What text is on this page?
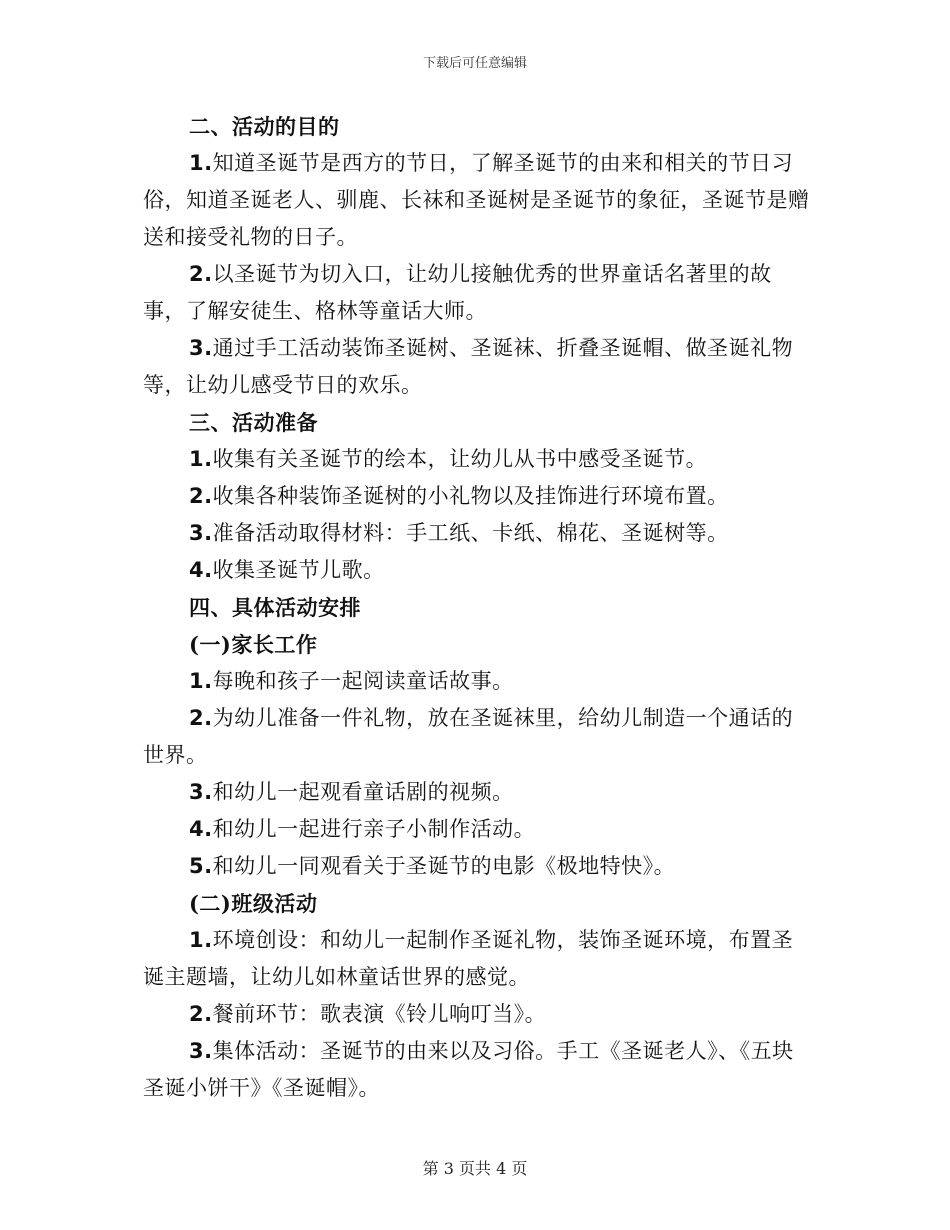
下载后可任意编辑

二、活动的目的

1.知道圣诞节是西方的节日，了解圣诞节的由来和相关的节日习俗，知道圣诞老人、驯鹿、长袜和圣诞树是圣诞节的象征，圣诞节是赠送和接受礼物的日子。

2.以圣诞节为切入口，让幼儿接触优秀的世界童话名著里的故事，了解安徒生、格林等童话大师。

3.通过手工活动装饰圣诞树、圣诞袜、折叠圣诞帽、做圣诞礼物等，让幼儿感受节日的欢乐。

三、活动准备

1.收集有关圣诞节的绘本，让幼儿从书中感受圣诞节。

2.收集各种装饰圣诞树的小礼物以及挂饰进行环境布置。

3.准备活动取得材料：手工纸、卡纸、棉花、圣诞树等。

4.收集圣诞节儿歌。

四、具体活动安排

(一)家长工作

1.每晚和孩子一起阅读童话故事。

2.为幼儿准备一件礼物，放在圣诞袜里，给幼儿制造一个通话的世界。

3.和幼儿一起观看童话剧的视频。

4.和幼儿一起进行亲子小制作活动。

5.和幼儿一同观看关于圣诞节的电影《极地特快》。

(二)班级活动

1.环境创设：和幼儿一起制作圣诞礼物，装饰圣诞环境，布置圣诞主题墙，让幼儿如林童话世界的感觉。

2.餐前环节：歌表演《铃儿响叮当》。

3.集体活动：圣诞节的由来以及习俗。手工《圣诞老人》、《五块圣诞小饼干》《圣诞帽》。

第 3 页共 4 页
